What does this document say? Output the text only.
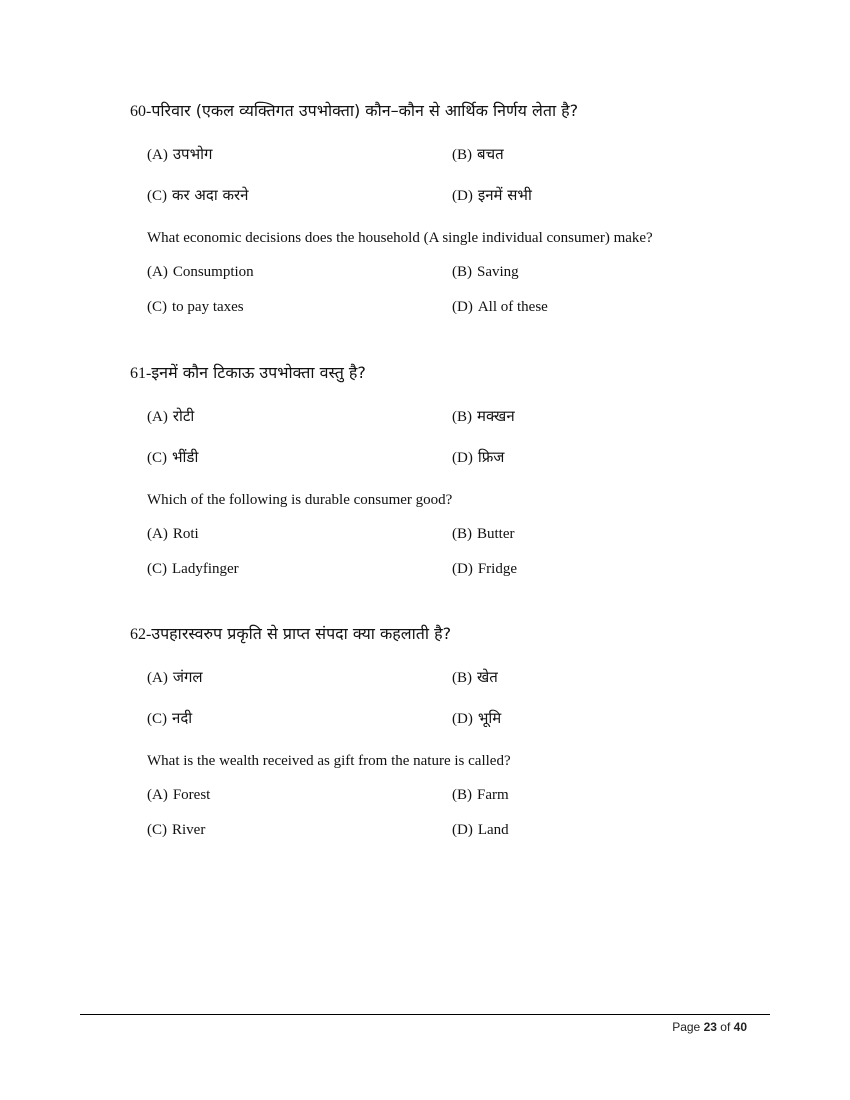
60-परिवार (एकल व्यक्तिगत उपभोक्ता) कौन–कौन से आर्थिक निर्णय लेता है?
(A) उपभोग	(B) बचत
(C) कर अदा करने	(D) इनमें सभी
What economic decisions does the household (A single individual consumer) make?
(A) Consumption	(B) Saving
(C) to pay taxes	(D) All of these
61-इनमें कौन टिकाऊ उपभोक्ता वस्तु है?
(A) रोटी	(B) मक्खन
(C) भींडी	(D) फ्रिज
Which of the following is durable consumer good?
(A) Roti	(B) Butter
(C) Ladyfinger	(D) Fridge
62-उपहारस्वरुप प्रकृति से प्राप्त संपदा क्या कहलाती है?
(A) जंगल	(B) खेत
(C) नदी	(D) भूमि
What is the wealth received as gift from the nature is called?
(A) Forest	(B) Farm
(C) River	(D) Land
Page 23 of 40
